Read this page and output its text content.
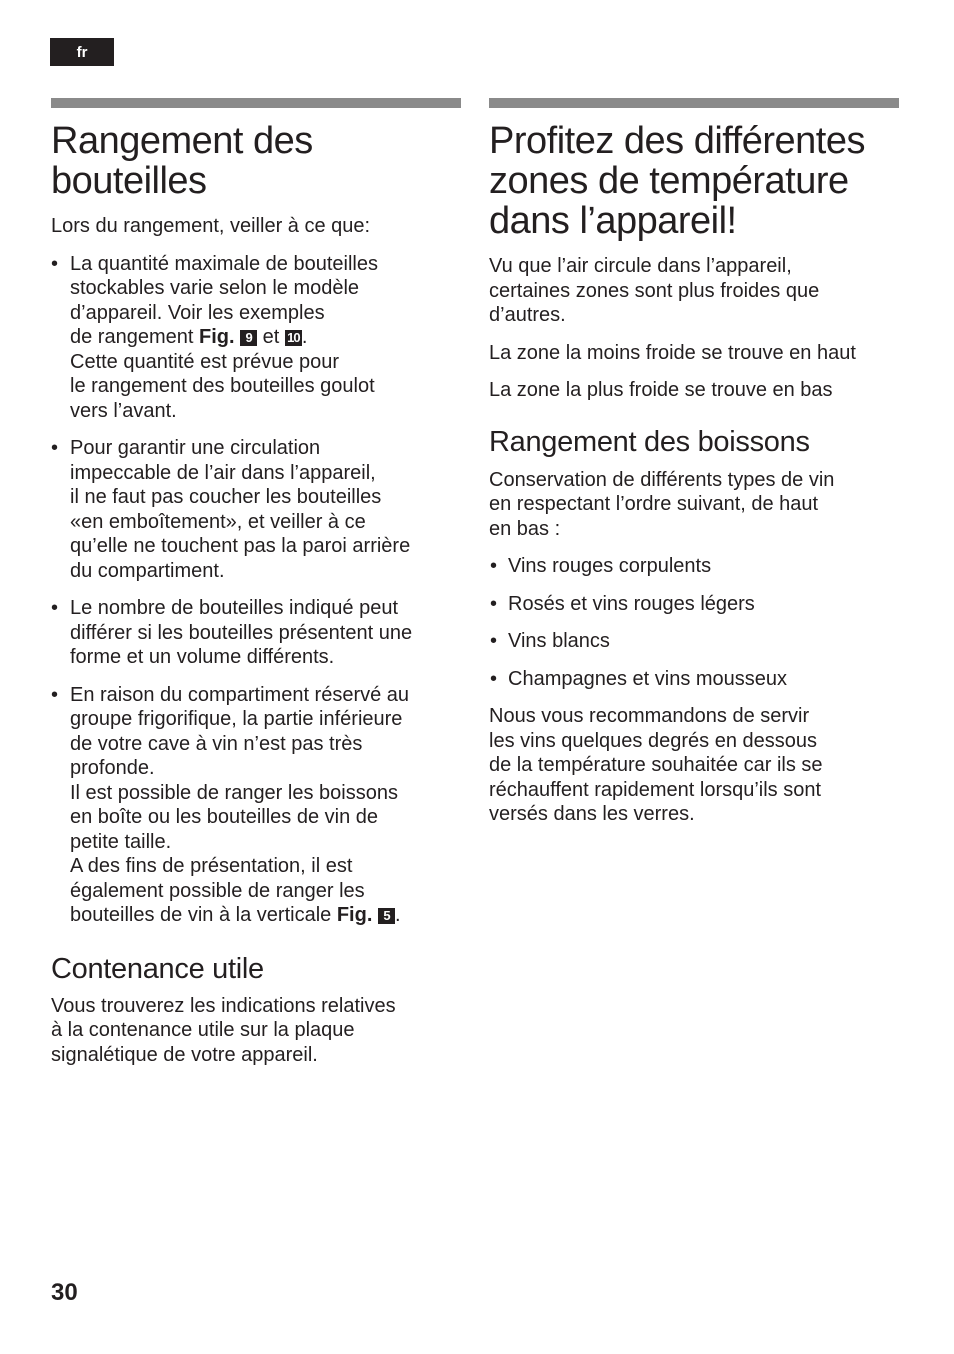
fr
Rangement des
bouteilles

Lors du rangement, veiller à ce que:

• La quantité maximale de bouteilles
stockables varie selon le modèle
d’appareil. Voir les exemples
de rangement Fig. 9 et 10 .
Cette quantité est prévue pour
le rangement des bouteilles goulot
vers l’avant.
• Pour garantir une circulation
impeccable de l’air dans l’appareil,
il ne faut pas coucher les bouteilles
«en emboîtement», et veiller à ce
qu’elle ne touchent pas la paroi arrière
du compartiment.
• Le nombre de bouteilles indiqué peut
différer si les bouteilles présentent une
forme et un volume différents.
• En raison du compartiment réservé au
groupe frigorifique, la partie inférieure
de votre cave à vin n’est pas très
profonde.
Il est possible de ranger les boissons
en boîte ou les bouteilles de vin de
petite taille.
A des fins de présentation, il est
également possible de ranger les
bouteilles de vin à la verticale Fig. 5 .
Contenance utile

Vous trouverez les indications relatives
à la contenance utile sur la plaque
signalétique de votre appareil.

Profitez des différentes
zones de température
dans l’appareil!

Vu que l’air circule dans l’appareil,
certaines zones sont plus froides que
d’autres.

La zone la moins froide se trouve en haut

La zone la plus froide se trouve en bas

Rangement des boissons

Conservation de différents types de vin
en respectant l’ordre suivant, de haut
en bas :

• Vins rouges corpulents
• Rosés et vins rouges légers
• Vins blancs
• Champagnes et vins mousseux

Nous vous recommandons de servir
les vins quelques degrés en dessous
de la température souhaitée car ils se
réchauffent rapidement lorsqu’ils sont
versés dans les verres.

30
